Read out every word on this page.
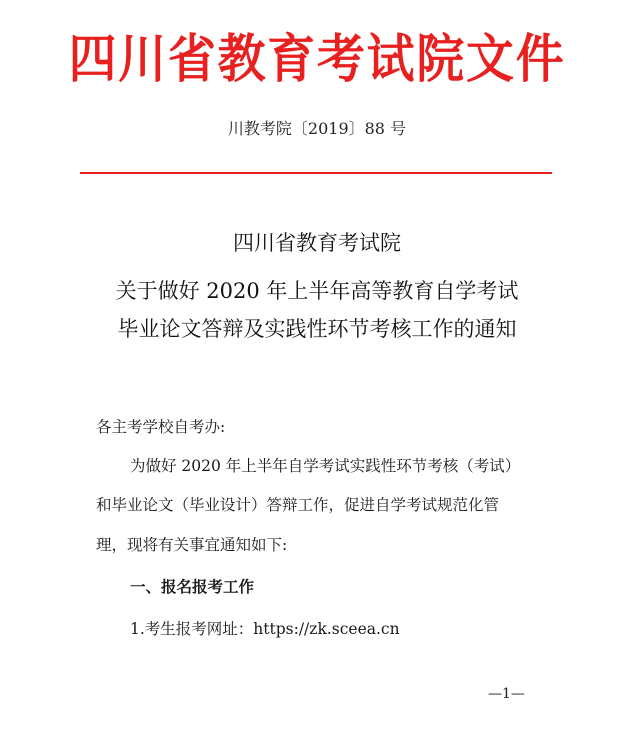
四川省教育考试院文件
川教考院〔2019〕88 号
四川省教育考试院
关于做好 2020 年上半年高等教育自学考试
毕业论文答辩及实践性环节考核工作的通知
各主考学校自考办:
为做好 2020 年上半年自学考试实践性环节考核（考试）
和毕业论文（毕业设计）答辩工作，促进自学考试规范化管
理，现将有关事宜通知如下:
一、报名报考工作
1.考生报考网址：https://zk.sceea.cn
—1—
